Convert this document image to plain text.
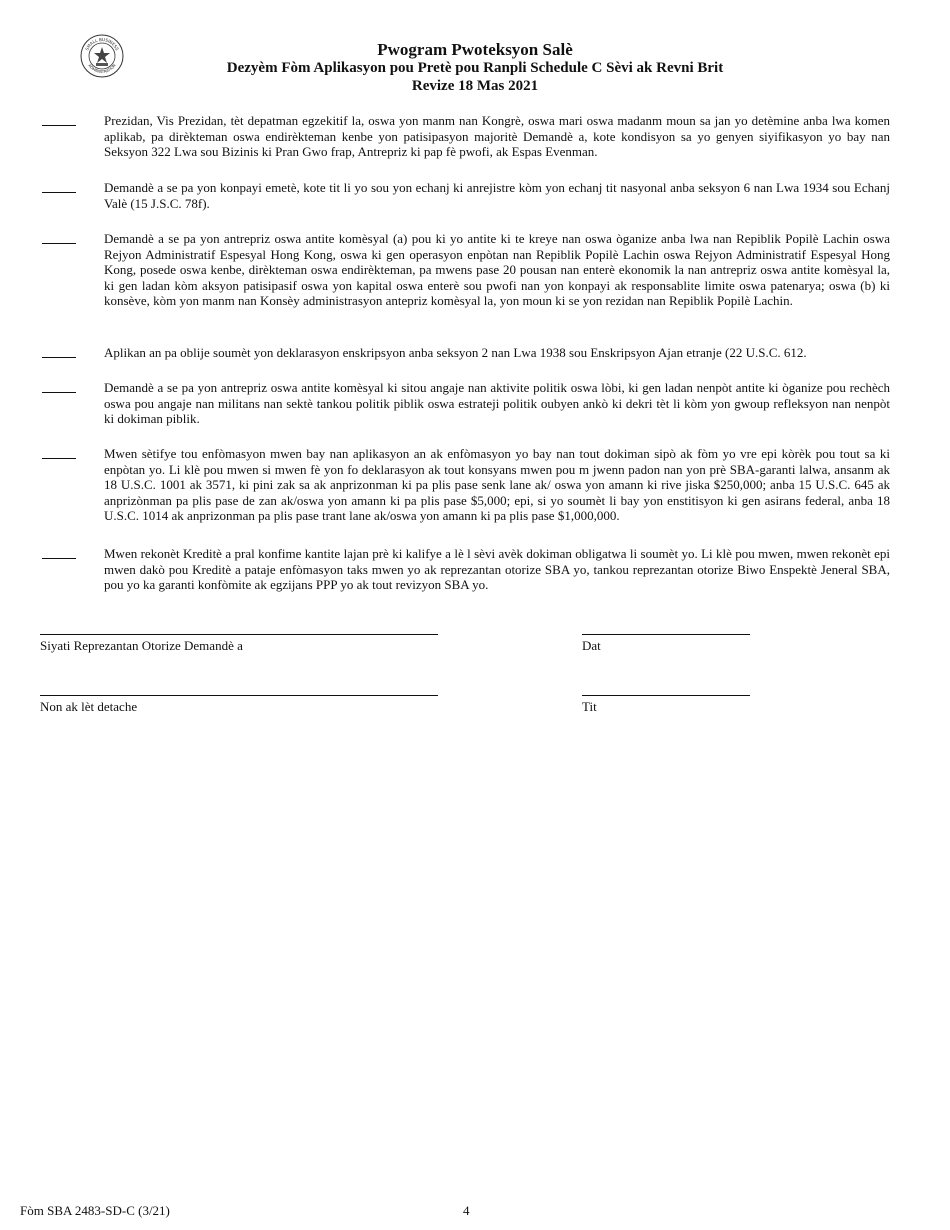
SMALL BUSINESS
ADMINISTRATION
Pwogram Pwoteksyon Salè
Dezyèm Fòm Aplikasyon pou Pretè pou Ranpli Schedule C Sèvi ak Revni Brit
Revize 18 Mas 2021
Prezidan, Vis Prezidan, tèt depatman egzekitif la, oswa yon manm nan Kongrè, oswa mari oswa madanm moun sa jan yo detèmine anba lwa komen aplikab, pa dirèkteman oswa endirèkteman kenbe yon patisipasyon majoritè Demandè a, kote kondisyon sa yo genyen siyifikasyon yo bay nan Seksyon 322 Lwa sou Bizinis ki Pran Gwo frap, Antrepriz ki pap fè pwofi, ak Espas Evenman.
Demandè a se pa yon konpayi emetè, kote tit li yo sou yon echanj ki anrejistre kòm yon echanj tit nasyonal anba seksyon 6 nan Lwa 1934 sou Echanj Valè (15 J.S.C. 78f).
Demandè a se pa yon antrepriz oswa antite komèsyal (a) pou ki yo antite ki te kreye nan oswa òganize anba lwa nan Repiblik Popilè Lachin oswa Rejyon Administratif Espesyal Hong Kong, oswa ki gen operasyon enpòtan nan Repiblik Popilè Lachin oswa Rejyon Administratif Espesyal Hong Kong, posede oswa kenbe, dirèkteman oswa endirèkteman, pa mwens pase 20 pousan nan enterè ekonomik la nan antrepriz oswa antite komèsyal la, ki gen ladan kòm aksyon patisipasif oswa yon kapital oswa enterè sou pwofi nan yon konpayi ak responsablite limite oswa patenarya; oswa (b) ki konsève, kòm yon manm nan Konsèy administrasyon antepriz komèsyal la, yon moun ki se yon rezidan nan Repiblik Popilè Lachin.
Aplikan an pa oblije soumèt yon deklarasyon enskripsyon anba seksyon 2 nan Lwa 1938 sou Enskripsyon Ajan etranje (22 U.S.C. 612.
Demandè a se pa yon antrepriz oswa antite komèsyal ki sitou angaje nan aktivite politik oswa lòbi, ki gen ladan nenpòt antite ki òganize pou rechèch oswa pou angaje nan militans nan sektè tankou politik piblik oswa estrateji politik oubyen ankò ki dekri tèt li kòm yon gwoup refleksyon nan nenpòt ki dokiman piblik.
Mwen sètifye tou enfòmasyon mwen bay nan aplikasyon an ak enfòmasyon yo bay nan tout dokiman sipò ak fòm yo vre epi kòrèk pou tout sa ki enpòtan yo. Li klè pou mwen si mwen fè yon fo deklarasyon ak tout konsyans mwen pou m jwenn padon nan yon prè SBA-garanti lalwa, ansanm ak 18 U.S.C. 1001 ak 3571, ki pini zak sa ak anprizonman ki pa plis pase senk lane ak/ oswa yon amann ki rive jiska $250,000; anba 15 U.S.C. 645 ak anprizònman pa plis pase de zan ak/oswa yon amann ki pa plis pase $5,000; epi, si yo soumèt li bay yon enstitisyon ki gen asirans federal, anba 18 U.S.C. 1014 ak anprizonman pa plis pase trant lane ak/oswa yon amann ki pa plis pase $1,000,000.
Mwen rekonèt Kreditè a pral konfime kantite lajan prè ki kalifye a lè l sèvi avèk dokiman obligatwa li soumèt yo. Li klè pou mwen, mwen rekonèt epi mwen dakò pou Kreditè a pataje enfòmasyon taks mwen yo ak reprezantan otorize SBA yo, tankou reprezantan otorize Biwo Enspektè Jeneral SBA, pou yo ka garanti konfòmite ak egzijans PPP yo ak tout revizyon SBA yo.
Siyati Reprezantan Otorize Demandè a	Dat
Non ak lèt detache	Tit
Fòm SBA 2483-SD-C (3/21)	4
